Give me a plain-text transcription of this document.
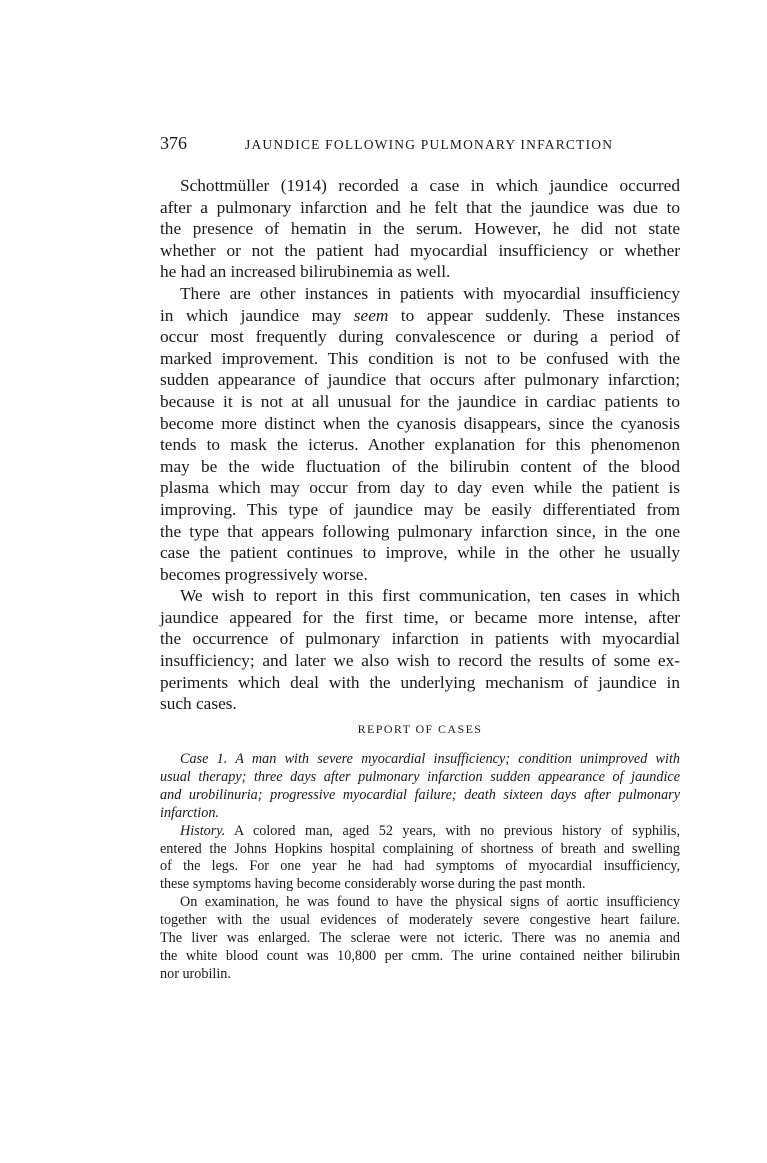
376	JAUNDICE FOLLOWING PULMONARY INFARCTION
Schottmüller (1914) recorded a case in which jaundice occurred
after a pulmonary infarction and he felt that the jaundice was due to
the presence of hematin in the serum. However, he did not state
whether or not the patient had myocardial insufficiency or whether
he had an increased bilirubinemia as well.
There are other instances in patients with myocardial insufficiency
in which jaundice may seem to appear suddenly. These instances
occur most frequently during convalescence or during a period of
marked improvement. This condition is not to be confused with the
sudden appearance of jaundice that occurs after pulmonary infarction;
because it is not at all unusual for the jaundice in cardiac patients to
become more distinct when the cyanosis disappears, since the cyanosis
tends to mask the icterus. Another explanation for this phenomenon
may be the wide fluctuation of the bilirubin content of the blood
plasma which may occur from day to day even while the patient is
improving. This type of jaundice may be easily differentiated from
the type that appears following pulmonary infarction since, in the one
case the patient continues to improve, while in the other he usually
becomes progressively worse.
We wish to report in this first communication, ten cases in which
jaundice appeared for the first time, or became more intense, after
the occurrence of pulmonary infarction in patients with myocardial
insufficiency; and later we also wish to record the results of some ex-
periments which deal with the underlying mechanism of jaundice in
such cases.
REPORT OF CASES
Case 1. A man with severe myocardial insufficiency; condition unimproved with
usual therapy; three days after pulmonary infarction sudden appearance of jaundice
and urobilinuria; progressive myocardial failure; death sixteen days after pulmonary
infarction.
History. A colored man, aged 52 years, with no previous history of syphilis,
entered the Johns Hopkins hospital complaining of shortness of breath and swelling
of the legs. For one year he had had symptoms of myocardial insufficiency,
these symptoms having become considerably worse during the past month.
On examination, he was found to have the physical signs of aortic insufficiency
together with the usual evidences of moderately severe congestive heart failure.
The liver was enlarged. The sclerae were not icteric. There was no anemia and
the white blood count was 10,800 per cmm. The urine contained neither bilirubin
nor urobilin.
